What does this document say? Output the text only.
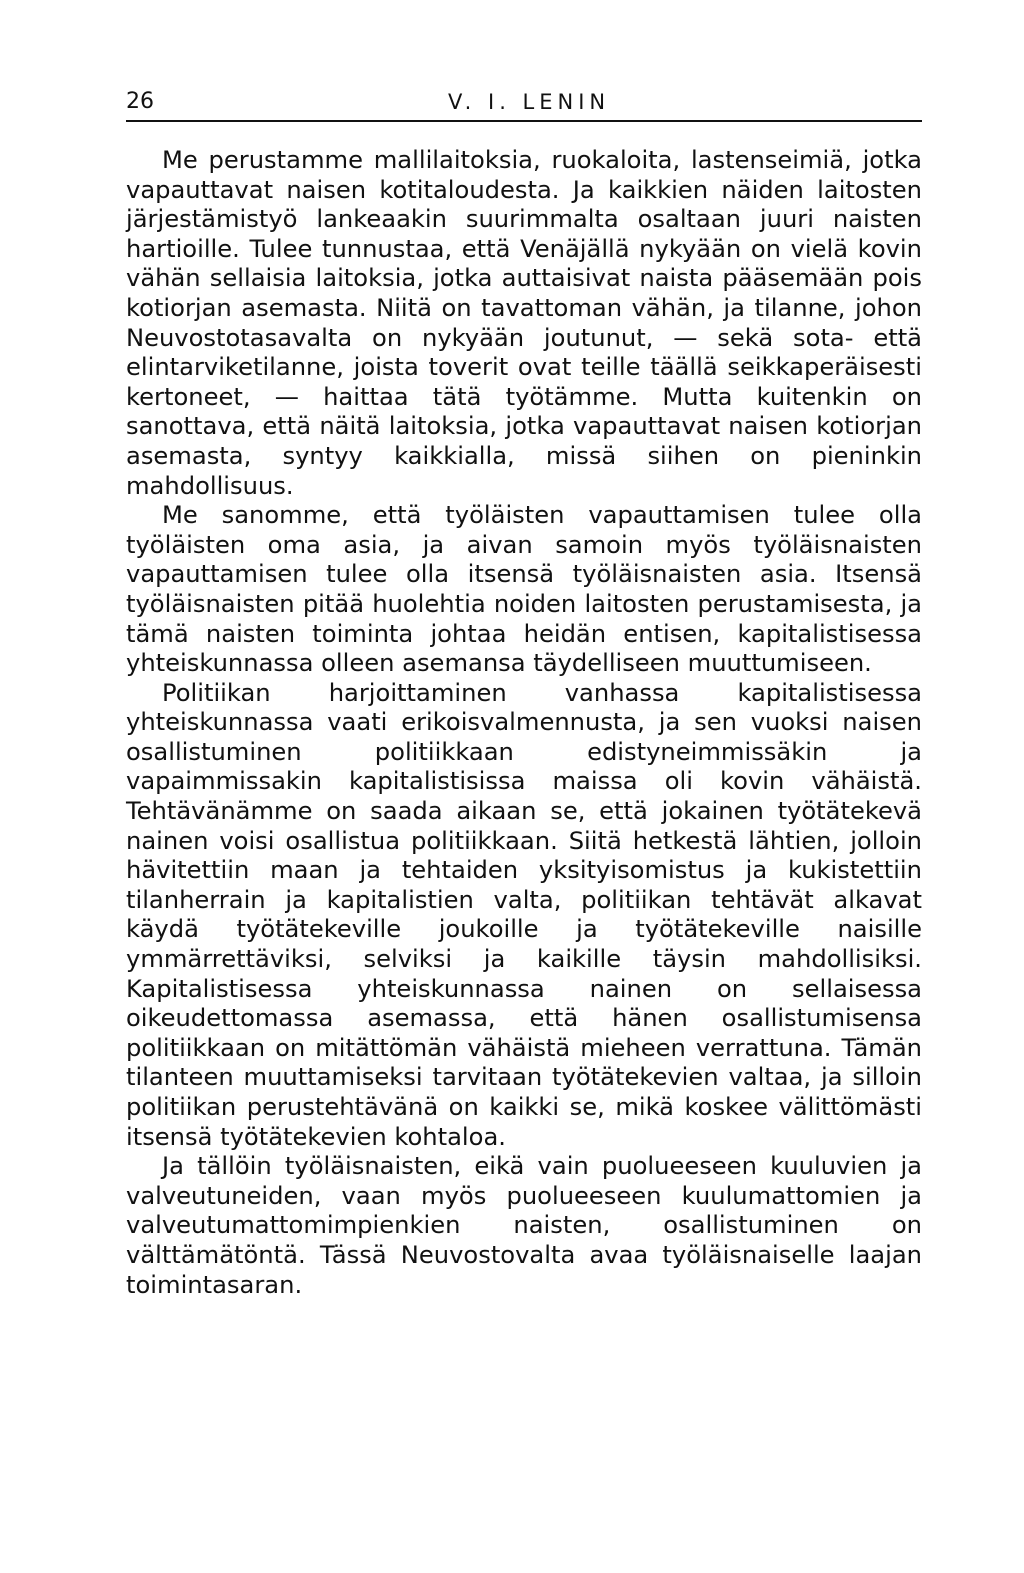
26	V. I. LENIN

Me perustamme mallilaitoksia, ruokaloita, lastenseimiä, jotka vapauttavat naisen kotitaloudesta. Ja kaikkien näiden laitosten järjestämistyö lankeaakin suurimmalta osaltaan juuri naisten hartioille. Tulee tunnustaa, että Venäjällä nykyään on vielä kovin vähän sellaisia laitoksia, jotka auttaisivat naista pääsemään pois kotiorjan asemasta. Niitä on tavattoman vähän, ja tilanne, johon Neuvostotasavalta on nykyään joutunut, — sekä sota- että elintarviketilanne, joista toverit ovat teille täällä seikkaperäisesti kertoneet, — haittaa tätä työtämme. Mutta kuitenkin on sanottava, että näitä laitoksia, jotka vapauttavat naisen kotiorjan asemasta, syntyy kaikkialla, missä siihen on pieninkin mahdollisuus.

Me sanomme, että työläisten vapauttamisen tulee olla työläisten oma asia, ja aivan samoin myös työläisnaisten vapauttamisen tulee olla itsensä työläisnaisten asia. Itsensä työläisnaisten pitää huolehtia noiden laitosten perustamisesta, ja tämä naisten toiminta johtaa heidän entisen, kapitalistisessa yhteiskunnassa olleen asemansa täydelliseen muuttumiseen.

Politiikan harjoittaminen vanhassa kapitalistisessa yhteiskunnassa vaati erikoisvalmennusta, ja sen vuoksi naisen osallistuminen politiikkaan edistyneimmissäkin ja vapaimmissakin kapitalistisissa maissa oli kovin vähäistä. Tehtävänämme on saada aikaan se, että jokainen työtätekevä nainen voisi osallistua politiikkaan. Siitä hetkestä lähtien, jolloin hävitettiin maan ja tehtaiden yksityisomistus ja kukistettiin tilanherrain ja kapitalistien valta, politiikan tehtävät alkavat käydä työtätekeville joukoille ja työtätekeville naisille ymmärrettäviksi, selviksi ja kaikille täysin mahdollisiksi. Kapitalistisessa yhteiskunnassa nainen on sellaisessa oikeudettomassa asemassa, että hänen osallistumisensa politiikkaan on mitättömän vähäistä mieheen verrattuna. Tämän tilanteen muuttamiseksi tarvitaan työtätekevien valtaa, ja silloin politiikan perustehtävänä on kaikki se, mikä koskee välittömästi itsensä työtätekevien kohtaloa.

Ja tällöin työläisnaisten, eikä vain puolueeseen kuuluvien ja valveutuneiden, vaan myös puolueeseen kuulumattomien ja valveutumattomimpienkien naisten, osallistuminen on välttämätöntä. Tässä Neuvostovalta avaa työläisnaiselle laajan toimintasaran.
